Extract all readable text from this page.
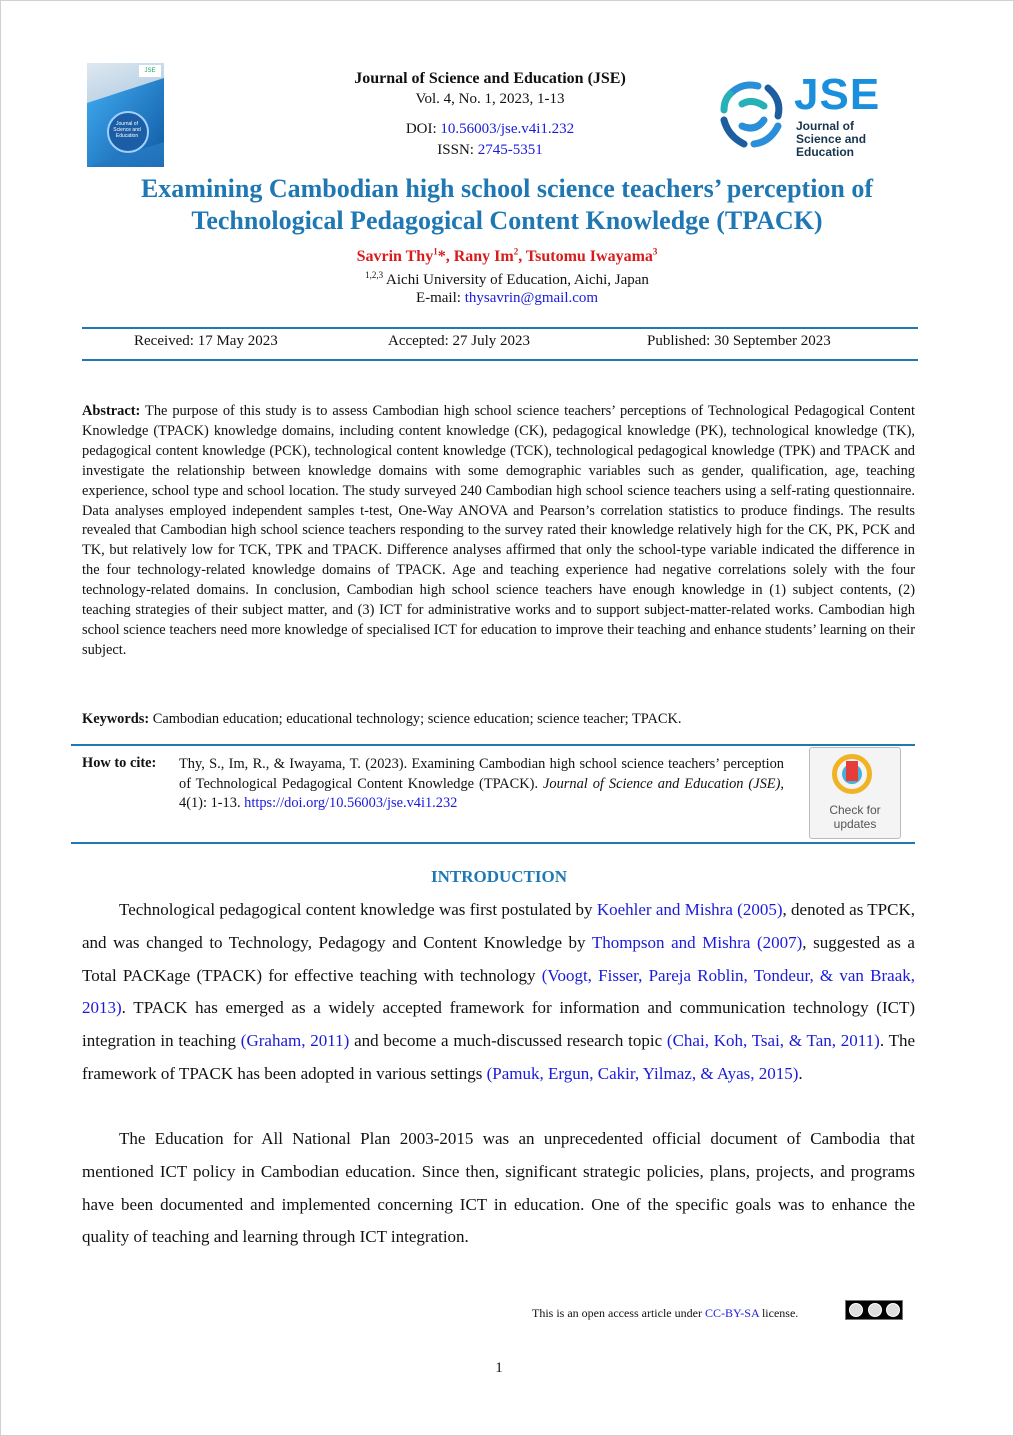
JSE
Journal of Science and Education
Journal of Science and Education (JSE)
Vol. 4, No. 1, 2023, 1-13
DOI: 10.56003/jse.v4i1.232
ISSN: 2745-5351
JSE
Journal of
Science and Education
Examining Cambodian high school science teachers’ perception of
Technological Pedagogical Content Knowledge (TPACK)
Savrin Thy$^1$*, Rany Im$^2$, Tsutomu Iwayama$^3$
$^{1,2,3}$ Aichi University of Education, Aichi, Japan
E-mail: thysavrin@gmail.com
Received: 17 May 2023	Accepted: 27 July 2023	Published: 30 September 2023
Abstract: The purpose of this study is to assess Cambodian high school science teachers’ perceptions of Technological Pedagogical Content Knowledge (TPACK) knowledge domains, including content knowledge (CK), pedagogical knowledge (PK), technological knowledge (TK), pedagogical content knowledge (PCK), technological content knowledge (TCK), technological pedagogical knowledge (TPK) and TPACK and investigate the relationship between knowledge domains with some demographic variables such as gender, qualification, age, teaching experience, school type and school location. The study surveyed 240 Cambodian high school science teachers using a self-rating questionnaire. Data analyses employed independent samples t-test, One-Way ANOVA and Pearson’s correlation statistics to produce findings. The results revealed that Cambodian high school science teachers responding to the survey rated their knowledge relatively high for the CK, PK, PCK and TK, but relatively low for TCK, TPK and TPACK. Difference analyses affirmed that only the school-type variable indicated the difference in the four technology-related knowledge domains of TPACK. Age and teaching experience had negative correlations solely with the four technology-related domains. In conclusion, Cambodian high school science teachers have enough knowledge in (1) subject contents, (2) teaching strategies of their subject matter, and (3) ICT for administrative works and to support subject-matter-related works. Cambodian high school science teachers need more knowledge of specialised ICT for education to improve their teaching and enhance students’ learning on their subject.
Keywords: Cambodian education; educational technology; science education; science teacher; TPACK.
How to cite: Thy, S., Im, R., & Iwayama, T. (2023). Examining Cambodian high school science teachers’ perception of Technological Pedagogical Content Knowledge (TPACK). Journal of Science and Education (JSE), 4(1): 1-13. https://doi.org/10.56003/jse.v4i1.232	Check for
updates
INTRODUCTION
Technological pedagogical content knowledge was first postulated by Koehler and Mishra (2005), denoted as TPCK, and was changed to Technology, Pedagogy and Content Knowledge by Thompson and Mishra (2007), suggested as a Total PACKage (TPACK) for effective teaching with technology (Voogt, Fisser, Pareja Roblin, Tondeur, & van Braak, 2013). TPACK has emerged as a widely accepted framework for information and communication technology (ICT) integration in teaching (Graham, 2011) and become a much-discussed research topic (Chai, Koh, Tsai, & Tan, 2011). The framework of TPACK has been adopted in various settings (Pamuk, Ergun, Cakir, Yilmaz, & Ayas, 2015).
The Education for All National Plan 2003-2015 was an unprecedented official document of Cambodia that mentioned ICT policy in Cambodian education. Since then, significant strategic policies, plans, projects, and programs have been documented and implemented concerning ICT in education. One of the specific goals was to enhance the quality of teaching and learning through ICT integration.
This is an open access article under CC-BY-SA license.
1
